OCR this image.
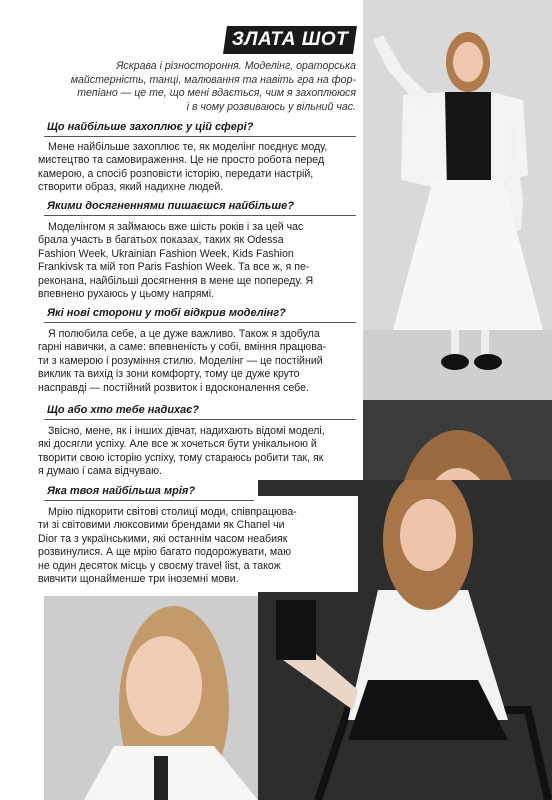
ЗЛАТА ШОТ
Яскрава і різностороння. Моделінг, ораторська
майстерність, танці, малювання та навіть гра на фор-
тепіано — це те, що мені вдається, чим я захоплююся
і в чому розвиваюсь у вільний час.
Що найбільше захоплює у цій сфері?
Мене найбільше захоплює те, як моделінг поєднує моду,
мистецтво та самовираження. Це не просто робота перед
камерою, а спосіб розповісти історію, передати настрій,
створити образ, який надихне людей.
Якими досягненнями пишаєшся найбільше?
Моделінгом я займаюсь вже шість років і за цей час
брала участь в багатьох показах, таких як Odessa
Fashion Week, Ukrainian Fashion Week, Kids Fashion
Frankivsk та мій топ Paris Fashion Week. Та все ж, я пе-
реконана, найбільші досягнення в мене ще попереду. Я
впевнено рухаюсь у цьому напрямі.
Які нові сторони у тобі відкрив моделінг?
Я полюбила себе, а це дуже важливо. Також я здобула
гарні навички, а саме: впевненість у собі, вміння працюва-
ти з камерою і розуміння стилю. Моделінг — це постійний
виклик та вихід із зони комфорту, тому це дуже круто
насправді — постійний розвиток і вдосконалення себе.
Що або хто тебе надихає?
Звісно, мене, як і інших дівчат, надихають відомі моделі,
які досягли успіху. Але все ж хочеться бути унікальною й
творити свою історію успіху, тому стараюсь робити так, як
я думаю і сама відчуваю.
Яка твоя найбільша мрія?
Мрію підкорити світові столиці моди, співпрацюва-
ти зі світовими люксовими брендами як Chanel чи
Dior та з українськими, які останнім часом неабияк
розвинулися. А ще мрію багато подорожувати, маю
не один десяток місць у своєму travel list, а також
вивчити щонайменше три іноземні мови.
